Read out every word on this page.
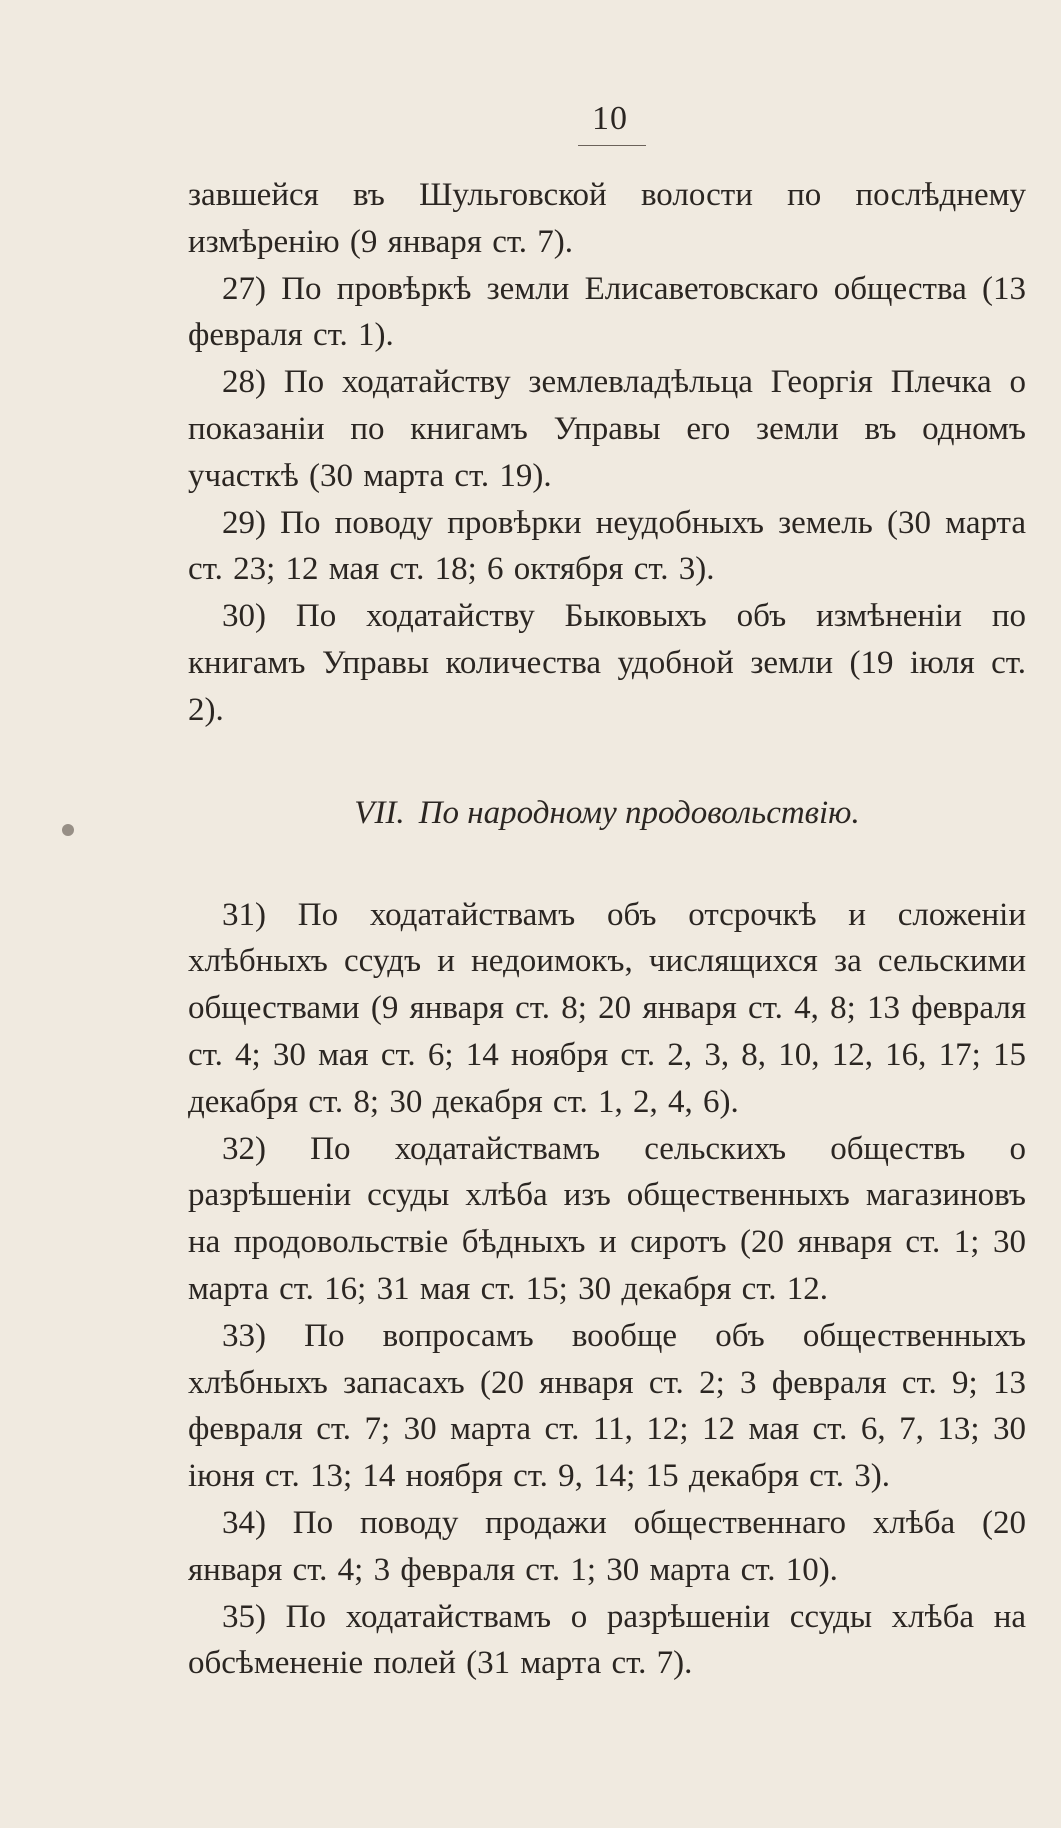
10

завшейся въ Шульговской волости по послѣднему измѣренію (9 января ст. 7).

27) По провѣркѣ земли Елисаветовскаго общества (13 февраля ст. 1).

28) По ходатайству землевладѣльца Георгія Плечка о показаніи по книгамъ Управы его земли въ одномъ участкѣ (30 марта ст. 19).

29) По поводу провѣрки неудобныхъ земель (30 марта ст. 23; 12 мая ст. 18; 6 октября ст. 3).

30) По ходатайству Быковыхъ объ измѣненіи по книгамъ Управы количества удобной земли (19 іюля ст. 2).

VII. По народному продовольствію.

31) По ходатайствамъ объ отсрочкѣ и сложеніи хлѣбныхъ ссудъ и недоимокъ, числящихся за сельскими обществами (9 января ст. 8; 20 января ст. 4, 8; 13 февраля ст. 4; 30 мая ст. 6; 14 ноября ст. 2, 3, 8, 10, 12, 16, 17; 15 декабря ст. 8; 30 декабря ст. 1, 2, 4, 6).

32) По ходатайствамъ сельскихъ обществъ о разрѣшеніи ссуды хлѣба изъ общественныхъ магазиновъ на продовольствіе бѣдныхъ и сиротъ (20 января ст. 1; 30 марта ст. 16; 31 мая ст. 15; 30 декабря ст. 12.

33) По вопросамъ вообще объ общественныхъ хлѣбныхъ запасахъ (20 января ст. 2; 3 февраля ст. 9; 13 февраля ст. 7; 30 марта ст. 11, 12; 12 мая ст. 6, 7, 13; 30 іюня ст. 13; 14 ноября ст. 9, 14; 15 декабря ст. 3).

34) По поводу продажи общественнаго хлѣба (20 января ст. 4; 3 февраля ст. 1; 30 марта ст. 10).

35) По ходатайствамъ о разрѣшеніи ссуды хлѣба на обсѣмененіе полей (31 марта ст. 7).
